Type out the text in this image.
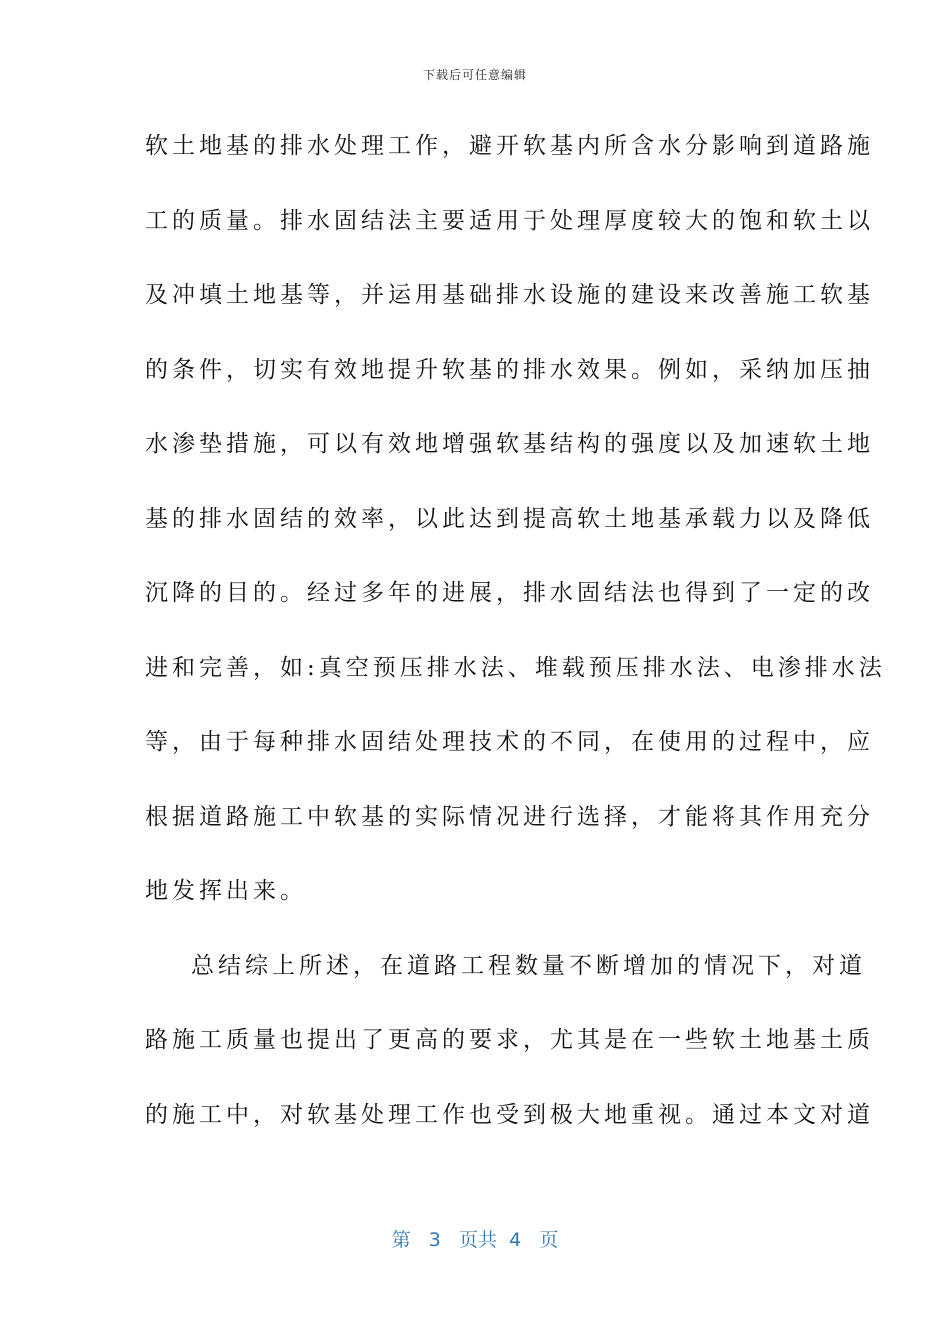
下载后可任意编辑
软土地基的排水处理工作，避开软基内所含水分影响到道路施
工的质量。排水固结法主要适用于处理厚度较大的饱和软土以
及冲填土地基等，并运用基础排水设施的建设来改善施工软基
的条件，切实有效地提升软基的排水效果。例如，采纳加压抽
水渗垫措施，可以有效地增强软基结构的强度以及加速软土地
基的排水固结的效率，以此达到提高软土地基承载力以及降低
沉降的目的。经过多年的进展，排水固结法也得到了一定的改
进和完善，如:真空预压排水法、堆载预压排水法、电渗排水法
等，由于每种排水固结处理技术的不同，在使用的过程中，应
根据道路施工中软基的实际情况进行选择，才能将其作用充分
地发挥出来。
总结综上所述，在道路工程数量不断增加的情况下，对道
路施工质量也提出了更高的要求，尤其是在一些软土地基土质
的施工中，对软基处理工作也受到极大地重视。通过本文对道
第 3 页共 4 页
